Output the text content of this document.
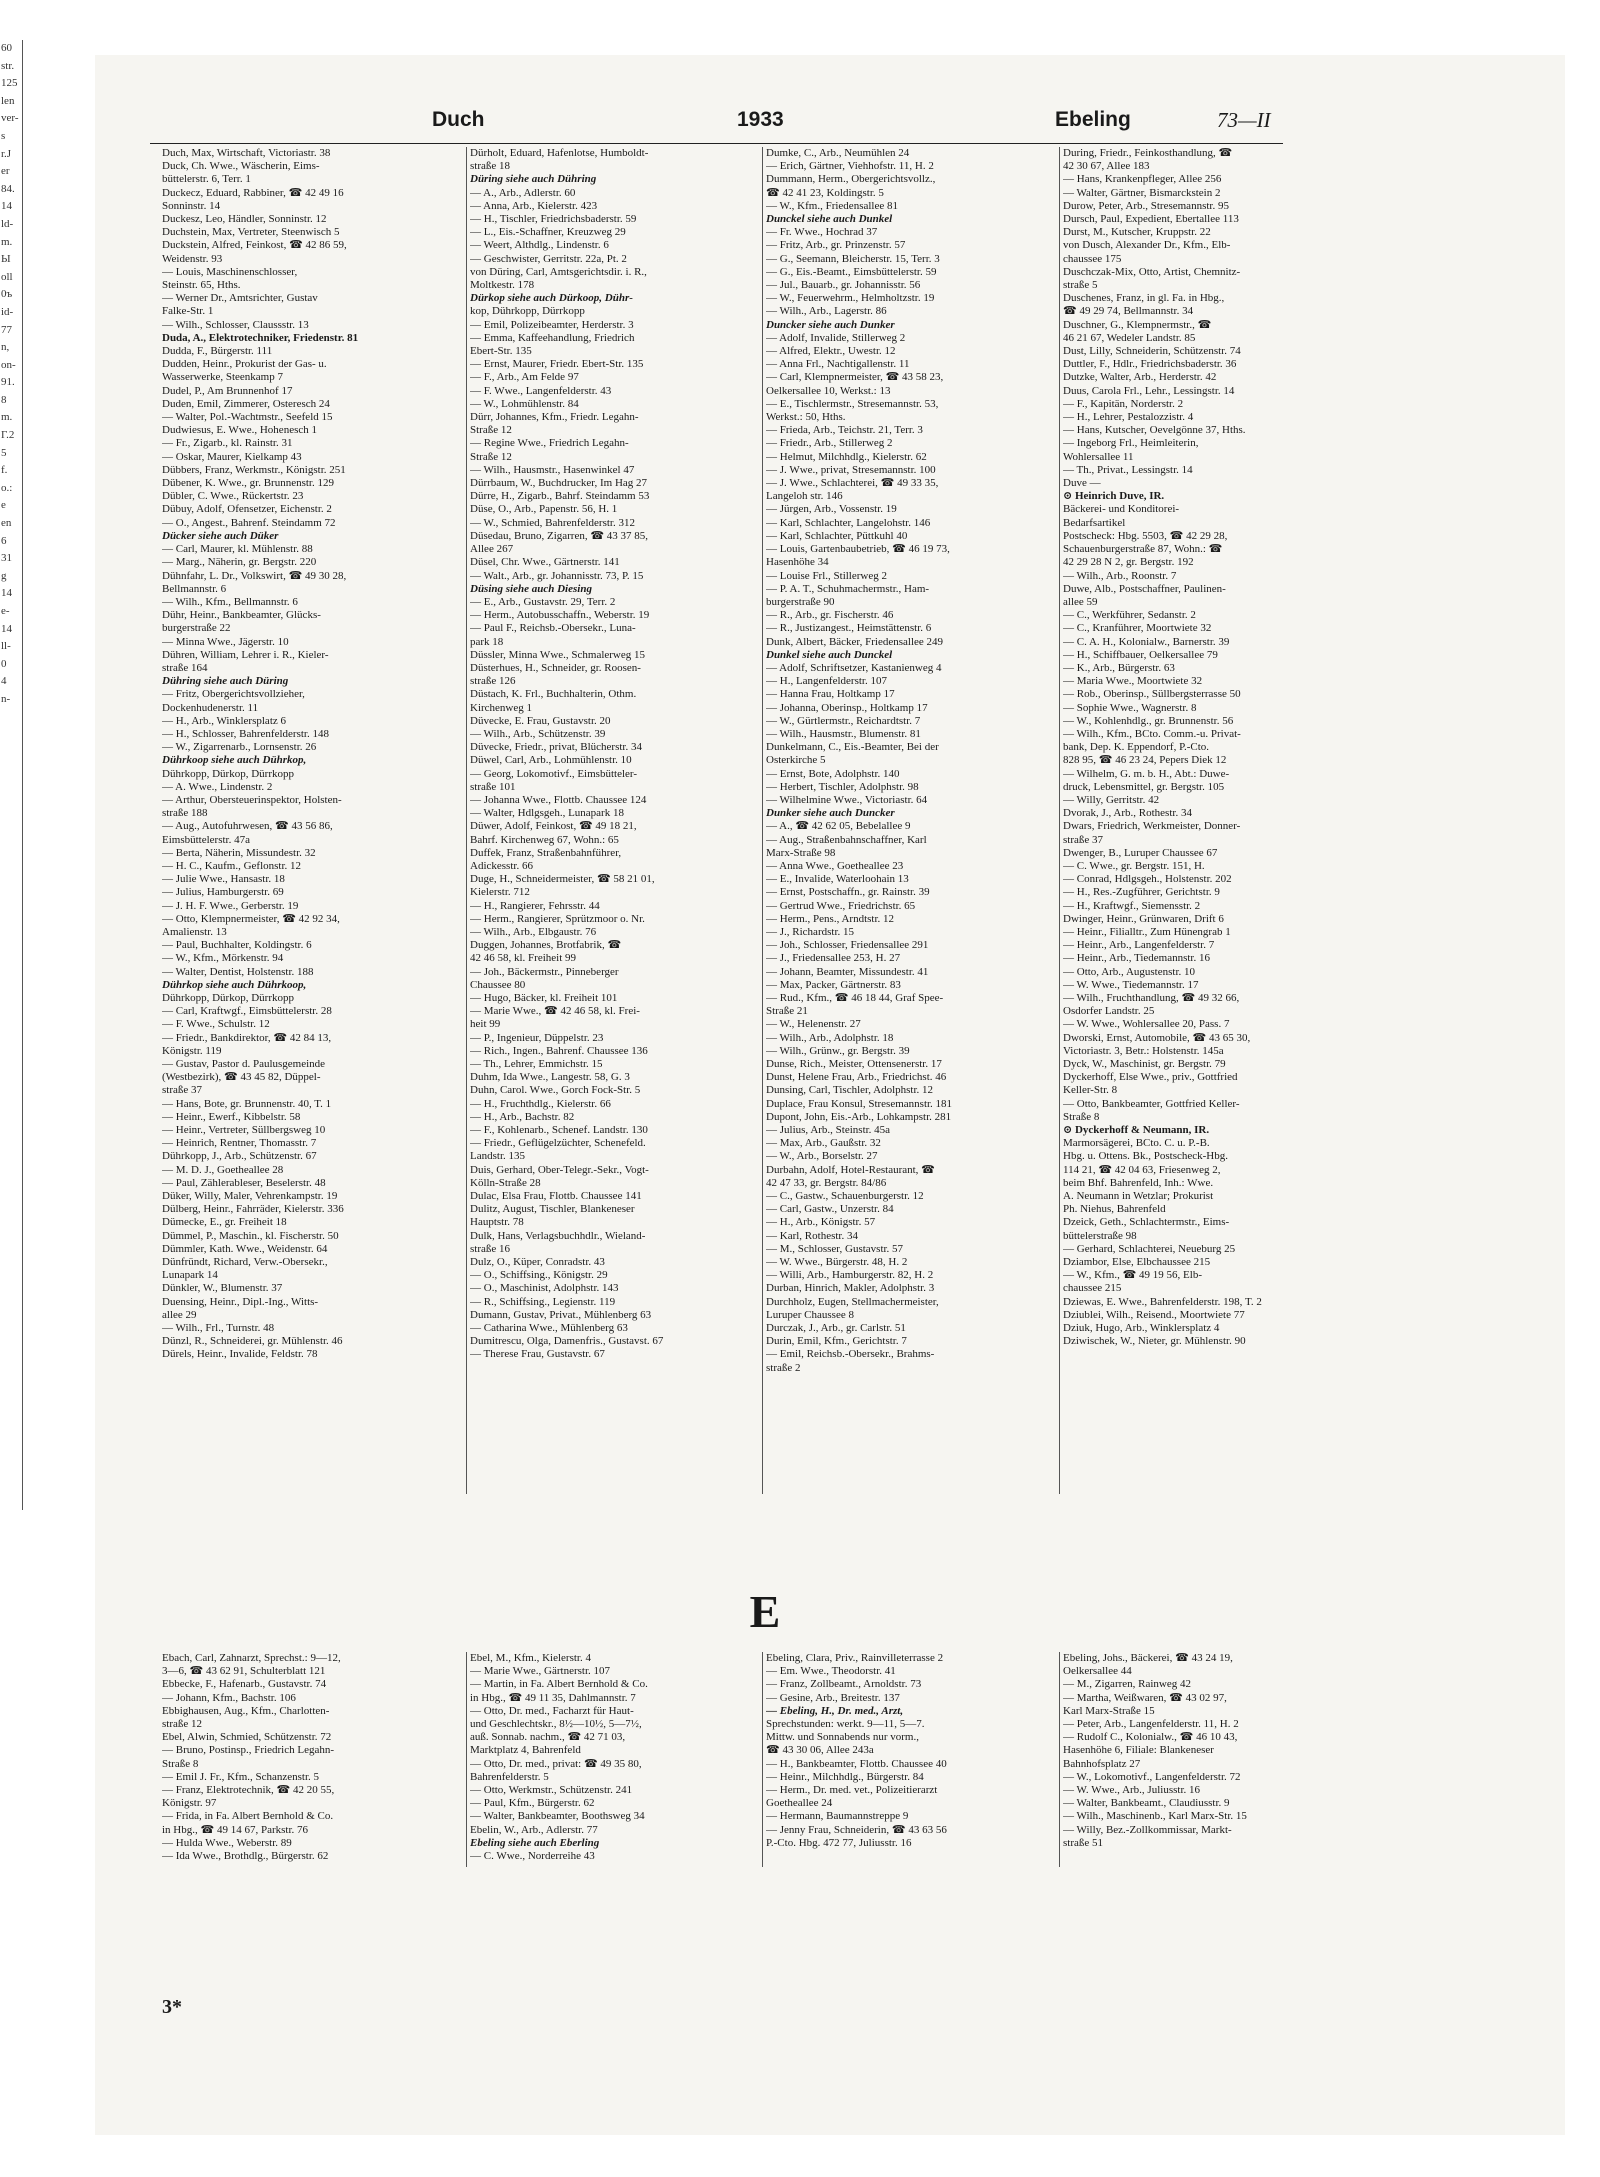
60
str.
125
len
ver-
s
r.J
er
84.
14
ld-
m.
Ы
oll
0ъ
id-
77
n,
on-
91.
8
m.
Г.2
5
f.
o.:
e
en
6
31
g
14
e-
14
ll-
0
4
n-
Duch	1933	Ebeling	73—II
Duch, Max, Wirtschaft, Victoriastr. 38
Duck, Ch. Wwe., Wäscherin, Eims-
büttelerstr. 6, Terr. 1
Duckecz, Eduard, Rabbiner, ☎ 42 49 16
Sonninstr. 14
Duckesz, Leo, Händler, Sonninstr. 12
Duchstein, Max, Vertreter, Steenwisch 5
Duckstein, Alfred, Feinkost, ☎ 42 86 59,
Weidenstr. 93
— Louis, Maschinenschlosser,
Steinstr. 65, Hths.
— Werner Dr., Amtsrichter, Gustav
Falke-Str. 1
— Wilh., Schlosser, Claussstr. 13
Duda, A., Elektrotechniker, Friedenstr. 81
Dudda, F., Bürgerstr. 111
Dudden, Heinr., Prokurist der Gas- u.
Wasserwerke, Steenkamp 7
Dudel, P., Am Brunnenhof 17
Duden, Emil, Zimmerer, Osteresch 24
— Walter, Pol.-Wachtmstr., Seefeld 15
Dudwiesus, E. Wwe., Hohenesch 1
— Fr., Zigarb., kl. Rainstr. 31
— Oskar, Maurer, Kielkamp 43
Dübbers, Franz, Werkmstr., Königstr. 251
Dübener, K. Wwe., gr. Brunnenstr. 129
Dübler, C. Wwe., Rückertstr. 23
Dübuy, Adolf, Ofensetzer, Eichenstr. 2
— O., Angest., Bahrenf. Steindamm 72
Dücker siehe auch Düker
— Carl, Maurer, kl. Mühlenstr. 88
— Marg., Näherin, gr. Bergstr. 220
Dühnfahr, L. Dr., Volkswirt, ☎ 49 30 28,
Bellmannstr. 6
— Wilh., Kfm., Bellmannstr. 6
Dühr, Heinr., Bankbeamter, Glücks-
burgerstraße 22
— Minna Wwe., Jägerstr. 10
Dühren, William, Lehrer i. R., Kieler-
straße 164
Dühring siehe auch Düring
— Fritz, Obergerichtsvollzieher,
Dockenhudenerstr. 11
— H., Arb., Winklersplatz 6
— H., Schlosser, Bahrenfelderstr. 148
— W., Zigarrenarb., Lornsenstr. 26
Dührkoop siehe auch Dührkop,
Dührkopp, Dürkop, Dürrkopp
— A. Wwe., Lindenstr. 2
— Arthur, Obersteuerinspektor, Holsten-
straße 188
— Aug., Autofuhrwesen, ☎ 43 56 86,
Eimsbüttelerstr. 47a
— Berta, Näherin, Missundestr. 32
— H. C., Kaufm., Geflonstr. 12
— Julie Wwe., Hansastr. 18
— Julius, Hamburgerstr. 69
— J. H. F. Wwe., Gerberstr. 19
— Otto, Klempnermeister, ☎ 42 92 34,
Amalienstr. 13
— Paul, Buchhalter, Koldingstr. 6
— W., Kfm., Mörkenstr. 94
— Walter, Dentist, Holstenstr. 188
Dührkop siehe auch Dührkoop,
Dührkopp, Dürkop, Dürrkopp
— Carl, Kraftwgf., Eimsbüttelerstr. 28
— F. Wwe., Schulstr. 12
— Friedr., Bankdirektor, ☎ 42 84 13,
Königstr. 119
— Gustav, Pastor d. Paulusgemeinde
(Westbezirk), ☎ 43 45 82, Düppel-
straße 37
— Hans, Bote, gr. Brunnenstr. 40, T. 1
— Heinr., Ewerf., Kibbelstr. 58
— Heinr., Vertreter, Süllbergsweg 10
— Heinrich, Rentner, Thomasstr. 7
Dührkopp, J., Arb., Schützenstr. 67
— M. D. J., Goetheallee 28
— Paul, Zählerableser, Beselerstr. 48
Düker, Willy, Maler, Vehrenkampstr. 19
Dülberg, Heinr., Fahrräder, Kielerstr. 336
Dümecke, E., gr. Freiheit 18
Dümmel, P., Maschin., kl. Fischerstr. 50
Dümmler, Kath. Wwe., Weidenstr. 64
Dünfründt, Richard, Verw.-Obersekr.,
Lunapark 14
Dünkler, W., Blumenstr. 37
Duensing, Heinr., Dipl.-Ing., Witts-
allee 29
— Wilh., Frl., Turnstr. 48
Dünzl, R., Schneiderei, gr. Mühlenstr. 46
Dürels, Heinr., Invalide, Feldstr. 78
Dürholt, Eduard, Hafenlotse, Humboldt-
straße 18
Düring siehe auch Dühring
— A., Arb., Adlerstr. 60
— Anna, Arb., Kielerstr. 423
— H., Tischler, Friedrichsbaderstr. 59
— L., Eis.-Schaffner, Kreuzweg 29
— Weert, Althdlg., Lindenstr. 6
— Geschwister, Gerritstr. 22a, Pt. 2
von Düring, Carl, Amtsgerichtsdir. i. R.,
Moltkestr. 178
Dürkop siehe auch Dürkoop, Dühr-
kop, Dührkopp, Dürrkopp
— Emil, Polizeibeamter, Herderstr. 3
— Emma, Kaffeehandlung, Friedrich
Ebert-Str. 135
— Ernst, Maurer, Friedr. Ebert-Str. 135
— F., Arb., Am Felde 97
— F. Wwe., Langenfelderstr. 43
— W., Lohmühlenstr. 84
Dürr, Johannes, Kfm., Friedr. Legahn-
Straße 12
— Regine Wwe., Friedrich Legahn-
Straße 12
— Wilh., Hausmstr., Hasenwinkel 47
Dürrbaum, W., Buchdrucker, Im Hag 27
Dürre, H., Zigarb., Bahrf. Steindamm 53
Düse, O., Arb., Papenstr. 56, H. 1
— W., Schmied, Bahrenfelderstr. 312
Düsedau, Bruno, Zigarren, ☎ 43 37 85,
Allee 267
Düsel, Chr. Wwe., Gärtnerstr. 141
— Walt., Arb., gr. Johannisstr. 73, P. 15
Düsing siehe auch Diesing
— E., Arb., Gustavstr. 29, Terr. 2
— Herm., Autobusschaffn., Weberstr. 19
— Paul F., Reichsb.-Obersekr., Luna-
park 18
Düssler, Minna Wwe., Schmalerweg 15
Düsterhues, H., Schneider, gr. Roosen-
straße 126
Düstach, K. Frl., Buchhalterin, Othm.
Kirchenweg 1
Düvecke, E. Frau, Gustavstr. 20
— Wilh., Arb., Schützenstr. 39
Düvecke, Friedr., privat, Blücherstr. 34
Düwel, Carl, Arb., Lohmühlenstr. 10
— Georg, Lokomotivf., Eimsbütteler-
straße 101
— Johanna Wwe., Flottb. Chaussee 124
— Walter, Hdlgsgeh., Lunapark 18
Düwer, Adolf, Feinkost, ☎ 49 18 21,
Bahrf. Kirchenweg 67, Wohn.: 65
Duffek, Franz, Straßenbahnführer,
Adickesstr. 66
Duge, H., Schneidermeister, ☎ 58 21 01,
Kielerstr. 712
— H., Rangierer, Fehrsstr. 44
— Herm., Rangierer, Sprützmoor o. Nr.
— Wilh., Arb., Elbgaustr. 76
Duggen, Johannes, Brotfabrik, ☎
42 46 58, kl. Freiheit 99
— Joh., Bäckermstr., Pinneberger
Chaussee 80
— Hugo, Bäcker, kl. Freiheit 101
— Marie Wwe., ☎ 42 46 58, kl. Frei-
heit 99
— P., Ingenieur, Düppelstr. 23
— Rich., Ingen., Bahrenf. Chaussee 136
— Th., Lehrer, Emmichstr. 15
Duhm, Ida Wwe., Langestr. 58, G. 3
Duhn, Carol. Wwe., Gorch Fock-Str. 5
— H., Fruchthdlg., Kielerstr. 66
— H., Arb., Bachstr. 82
— F., Kohlenarb., Schenef. Landstr. 130
— Friedr., Geflügelzüchter, Schenefeld.
Landstr. 135
Duis, Gerhard, Ober-Telegr.-Sekr., Vogt-
Kölln-Straße 28
Dulac, Elsa Frau, Flottb. Chaussee 141
Dulitz, August, Tischler, Blankeneser
Hauptstr. 78
Dulk, Hans, Verlagsbuchhdlr., Wieland-
straße 16
Dulz, O., Küper, Conradstr. 43
— O., Schiffsing., Königstr. 29
— O., Maschinist, Adolphstr. 143
— R., Schiffsing., Legienstr. 119
Dumann, Gustav, Privat., Mühlenberg 63
— Catharina Wwe., Mühlenberg 63
Dumitrescu, Olga, Damenfris., Gustavst. 67
— Therese Frau, Gustavstr. 67
Dumke, C., Arb., Neumühlen 24
— Erich, Gärtner, Viehhofstr. 11, H. 2
Dummann, Herm., Obergerichtsvollz.,
☎ 42 41 23, Koldingstr. 5
— W., Kfm., Friedensallee 81
Dunckel siehe auch Dunkel
— Fr. Wwe., Hochrad 37
— Fritz, Arb., gr. Prinzenstr. 57
— G., Seemann, Bleicherstr. 15, Terr. 3
— G., Eis.-Beamt., Eimsbüttelerstr. 59
— Jul., Bauarb., gr. Johannisstr. 56
— W., Feuerwehrm., Helmholtzstr. 19
— Wilh., Arb., Lagerstr. 86
Duncker siehe auch Dunker
— Adolf, Invalide, Stillerweg 2
— Alfred, Elektr., Uwestr. 12
— Anna Frl., Nachtigallenstr. 11
— Carl, Klempnermeister, ☎ 43 58 23,
Oelkersallee 10, Werkst.: 13
— E., Tischlermstr., Stresemannstr. 53,
Werkst.: 50, Hths.
— Frieda, Arb., Teichstr. 21, Terr. 3
— Friedr., Arb., Stillerweg 2
— Helmut, Milchhdlg., Kielerstr. 62
— J. Wwe., privat, Stresemannstr. 100
— J. Wwe., Schlachterei, ☎ 49 33 35,
Langeloh str. 146
— Jürgen, Arb., Vossenstr. 19
— Karl, Schlachter, Langelohstr. 146
— Karl, Schlachter, Püttkuhl 40
— Louis, Gartenbaubetrieb, ☎ 46 19 73,
Hasenhöhe 34
— Louise Frl., Stillerweg 2
— P. A. T., Schuhmachermstr., Ham-
burgerstraße 90
— R., Arb., gr. Fischerstr. 46
— R., Justizangest., Heimstättenstr. 6
Dunk, Albert, Bäcker, Friedensallee 249
Dunkel siehe auch Dunckel
— Adolf, Schriftsetzer, Kastanienweg 4
— H., Langenfelderstr. 107
— Hanna Frau, Holtkamp 17
— Johanna, Oberinsp., Holtkamp 17
— W., Gürtlermstr., Reichardtstr. 7
— Wilh., Hausmstr., Blumenstr. 81
Dunkelmann, C., Eis.-Beamter, Bei der
Osterkirche 5
— Ernst, Bote, Adolphstr. 140
— Herbert, Tischler, Adolphstr. 98
— Wilhelmine Wwe., Victoriastr. 64
Dunker siehe auch Duncker
— A., ☎ 42 62 05, Bebelallee 9
— Aug., Straßenbahnschaffner, Karl
Marx-Straße 98
— Anna Wwe., Goetheallee 23
— E., Invalide, Waterloohain 13
— Ernst, Postschaffn., gr. Rainstr. 39
— Gertrud Wwe., Friedrichstr. 65
— Herm., Pens., Arndtstr. 12
— J., Richardstr. 15
— Joh., Schlosser, Friedensallee 291
— J., Friedensallee 253, H. 27
— Johann, Beamter, Missundestr. 41
— Max, Packer, Gärtnerstr. 83
— Rud., Kfm., ☎ 46 18 44, Graf Spee-
Straße 21
— W., Helenenstr. 27
— Wilh., Arb., Adolphstr. 18
— Wilh., Grünw., gr. Bergstr. 39
Dunse, Rich., Meister, Ottensenerstr. 17
Dunst, Helene Frau, Arb., Friedrichst. 46
Dunsing, Carl, Tischler, Adolphstr. 12
Duplace, Frau Konsul, Stresemannstr. 181
Dupont, John, Eis.-Arb., Lohkampstr. 281
— Julius, Arb., Steinstr. 45a
— Max, Arb., Gaußstr. 32
— W., Arb., Borselstr. 27
Durbahn, Adolf, Hotel-Restaurant, ☎
42 47 33, gr. Bergstr. 84/86
— C., Gastw., Schauenburgerstr. 12
— Carl, Gastw., Unzerstr. 84
— H., Arb., Königstr. 57
— Karl, Rothestr. 34
— M., Schlosser, Gustavstr. 57
— W. Wwe., Bürgerstr. 48, H. 2
— Willi, Arb., Hamburgerstr. 82, H. 2
Durban, Hinrich, Makler, Adolphstr. 3
Durchholz, Eugen, Stellmachermeister,
Luruper Chaussee 8
Durczak, J., Arb., gr. Carlstr. 51
Durin, Emil, Kfm., Gerichtstr. 7
— Emil, Reichsb.-Obersekr., Brahms-
straße 2
During, Friedr., Feinkosthandlung, ☎
42 30 67, Allee 183
— Hans, Krankenpfleger, Allee 256
— Walter, Gärtner, Bismarckstein 2
Durow, Peter, Arb., Stresemannstr. 95
Dursch, Paul, Expedient, Ebertallee 113
Durst, M., Kutscher, Kruppstr. 22
von Dusch, Alexander Dr., Kfm., Elb-
chaussee 175
Duschczak-Mix, Otto, Artist, Chemnitz-
straße 5
Duschenes, Franz, in gl. Fa. in Hbg.,
☎ 49 29 74, Bellmannstr. 34
Duschner, G., Klempnermstr., ☎
46 21 67, Wedeler Landstr. 85
Dust, Lilly, Schneiderin, Schützenstr. 74
Duttler, F., Hdlr., Friedrichsbaderstr. 36
Dutzke, Walter, Arb., Herderstr. 42
Duus, Carola Frl., Lehr., Lessingstr. 14
— F., Kapitän, Norderstr. 2
— H., Lehrer, Pestalozzistr. 4
— Hans, Kutscher, Oevelgönne 37, Hths.
— Ingeborg Frl., Heimleiterin,
Wohlersallee 11
— Th., Privat., Lessingstr. 14
Duve —
⊙ Heinrich Duve, IR.
Bäckerei- und Konditorei-
Bedarfsartikel
Postscheck: Hbg. 5503, ☎ 42 29 28,
Schauenburgerstraße 87, Wohn.: ☎
42 29 28 N 2, gr. Bergstr. 192
— Wilh., Arb., Roonstr. 7
Duwe, Alb., Postschaffner, Paulinen-
allee 59
— C., Werkführer, Sedanstr. 2
— C., Kranführer, Moortwiete 32
— C. A. H., Kolonialw., Barnerstr. 39
— H., Schiffbauer, Oelkersallee 79
— K., Arb., Bürgerstr. 63
— Maria Wwe., Moortwiete 32
— Rob., Oberinsp., Süllbergsterrasse 50
— Sophie Wwe., Wagnerstr. 8
— W., Kohlenhdlg., gr. Brunnenstr. 56
— Wilh., Kfm., BCto. Comm.-u. Privat-
bank, Dep. K. Eppendorf, P.-Cto.
828 95, ☎ 46 23 24, Pepers Diek 12
— Wilhelm, G. m. b. H., Abt.: Duwe-
druck, Lebensmittel, gr. Bergstr. 105
— Willy, Gerritstr. 42
Dvorak, J., Arb., Rothestr. 34
Dwars, Friedrich, Werkmeister, Donner-
straße 37
Dwenger, B., Luruper Chaussee 67
— C. Wwe., gr. Bergstr. 151, H.
— Conrad, Hdlgsgeh., Holstenstr. 202
— H., Res.-Zugführer, Gerichtstr. 9
— H., Kraftwgf., Siemensstr. 2
Dwinger, Heinr., Grünwaren, Drift 6
— Heinr., Filialltr., Zum Hünengrab 1
— Heinr., Arb., Langenfelderstr. 7
— Heinr., Arb., Tiedemannstr. 16
— Otto, Arb., Augustenstr. 10
— W. Wwe., Tiedemannstr. 17
— Wilh., Fruchthandlung, ☎ 49 32 66,
Osdorfer Landstr. 25
— W. Wwe., Wohlersallee 20, Pass. 7
Dworski, Ernst, Automobile, ☎ 43 65 30,
Victoriastr. 3, Betr.: Holstenstr. 145a
Dyck, W., Maschinist, gr. Bergstr. 79
Dyckerhoff, Else Wwe., priv., Gottfried
Keller-Str. 8
— Otto, Bankbeamter, Gottfried Keller-
Straße 8
⊙ Dyckerhoff & Neumann, IR.
Marmorsägerei, BCto. C. u. P.-B.
Hbg. u. Ottens. Bk., Postscheck-Hbg.
114 21, ☎ 42 04 63, Friesenweg 2,
beim Bhf. Bahrenfeld, Inh.: Wwe.
A. Neumann in Wetzlar; Prokurist
Ph. Niehus, Bahrenfeld
Dzeick, Geth., Schlachtermstr., Eims-
büttelerstraße 98
— Gerhard, Schlachterei, Neueburg 25
Dziambor, Else, Elbchaussee 215
— W., Kfm., ☎ 49 19 56, Elb-
chaussee 215
Dziewas, E. Wwe., Bahrenfelderstr. 198, T. 2
Dziublei, Wilh., Reisend., Moortwiete 77
Dziuk, Hugo, Arb., Winklersplatz 4
Dziwischek, W., Nieter, gr. Mühlenstr. 90
E
Ebach, Carl, Zahnarzt, Sprechst.: 9—12,
3—6, ☎ 43 62 91, Schulterblatt 121
Ebbecke, F., Hafenarb., Gustavstr. 74
— Johann, Kfm., Bachstr. 106
Ebbighausen, Aug., Kfm., Charlotten-
straße 12
Ebel, Alwin, Schmied, Schützenstr. 72
— Bruno, Postinsp., Friedrich Legahn-
Straße 8
— Emil J. Fr., Kfm., Schanzenstr. 5
— Franz, Elektrotechnik, ☎ 42 20 55,
Königstr. 97
— Frida, in Fa. Albert Bernhold & Co.
in Hbg., ☎ 49 14 67, Parkstr. 76
— Hulda Wwe., Weberstr. 89
— Ida Wwe., Brothdlg., Bürgerstr. 62
Ebel, M., Kfm., Kielerstr. 4
— Marie Wwe., Gärtnerstr. 107
— Martin, in Fa. Albert Bernhold & Co.
in Hbg., ☎ 49 11 35, Dahlmannstr. 7
— Otto, Dr. med., Facharzt für Haut-
und Geschlechtskr., 8½—10½, 5—7½,
auß. Sonnab. nachm., ☎ 42 71 03,
Marktplatz 4, Bahrenfeld
— Otto, Dr. med., privat: ☎ 49 35 80,
Bahrenfelderstr. 5
— Otto, Werkmstr., Schützenstr. 241
— Paul, Kfm., Bürgerstr. 62
— Walter, Bankbeamter, Boothsweg 34
Ebelin, W., Arb., Adlerstr. 77
Ebeling siehe auch Eberling
— C. Wwe., Norderreihe 43
Ebeling, Clara, Priv., Rainvilleterrasse 2
— Em. Wwe., Theodorstr. 41
— Franz, Zollbeamt., Arnoldstr. 73
— Gesine, Arb., Breitestr. 137
— Ebeling, H., Dr. med., Arzt,
Sprechstunden: werkt. 9—11, 5—7.
Mittw. und Sonnabends nur vorm.,
☎ 43 30 06, Allee 243a
— H., Bankbeamter, Flottb. Chaussee 40
— Heinr., Milchhdlg., Bürgerstr. 84
— Herm., Dr. med. vet., Polizeitierarzt
Goetheallee 24
— Hermann, Baumannstreppe 9
— Jenny Frau, Schneiderin, ☎ 43 63 56
P.-Cto. Hbg. 472 77, Juliusstr. 16
Ebeling, Johs., Bäckerei, ☎ 43 24 19,
Oelkersallee 44
— M., Zigarren, Rainweg 42
— Martha, Weißwaren, ☎ 43 02 97,
Karl Marx-Straße 15
— Peter, Arb., Langenfelderstr. 11, H. 2
— Rudolf C., Kolonialw., ☎ 46 10 43,
Hasenhöhe 6, Filiale: Blankeneser
Bahnhofsplatz 27
— W., Lokomotivf., Langenfelderstr. 72
— W. Wwe., Arb., Juliusstr. 16
— Walter, Bankbeamt., Claudiusstr. 9
— Wilh., Maschinenb., Karl Marx-Str. 15
— Willy, Bez.-Zollkommissar, Markt-
straße 51
3*
